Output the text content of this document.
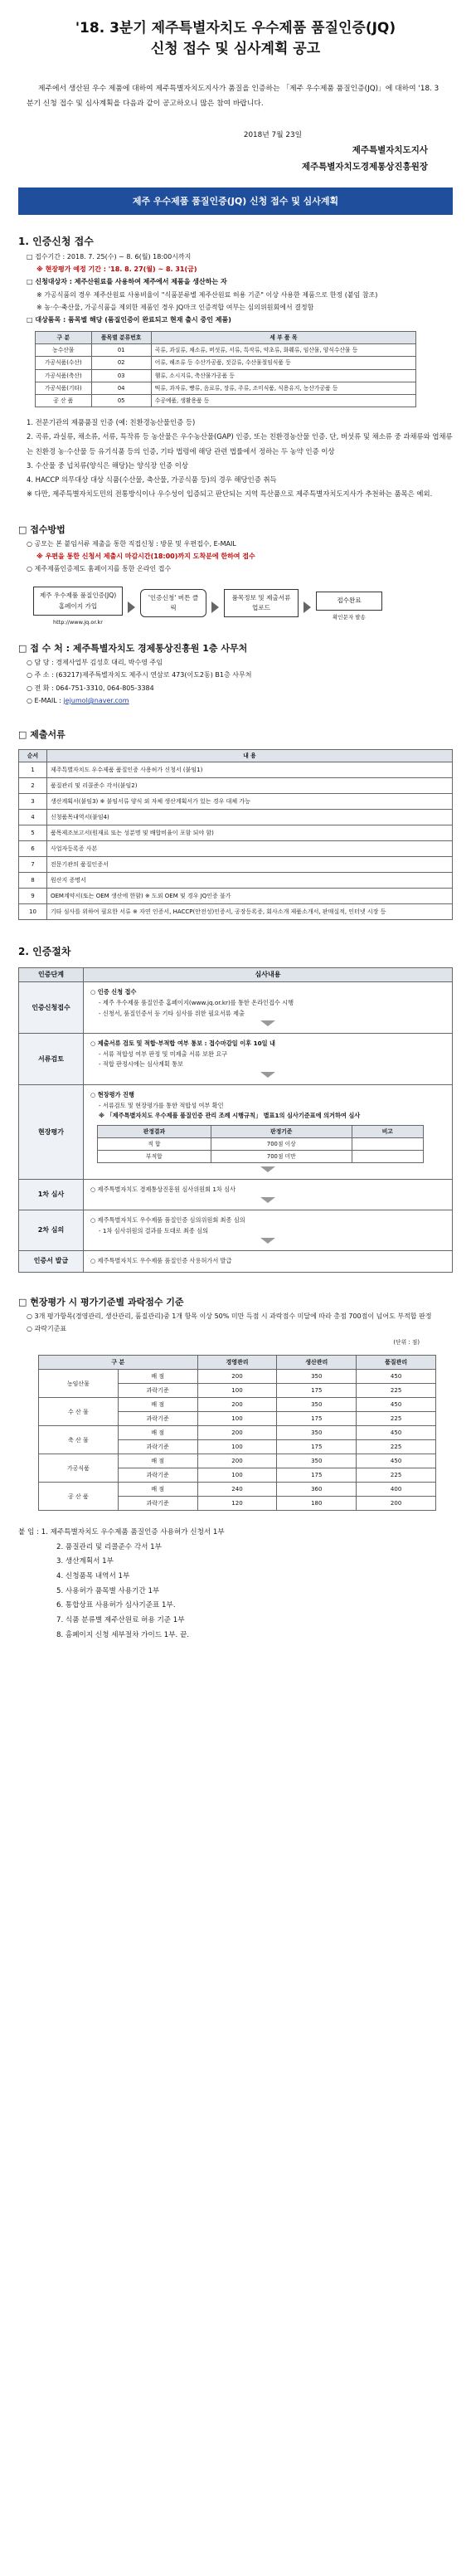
'18. 3분기 제주특별자치도 우수제품 품질인증(JQ)
신청 접수 및 심사계획 공고
제주에서 생산된 우수 제품에 대하여 제주특별자치도지사가 품질을 인증하는 「제주 우수제품 품질인증(JQ)」에 대하여 '18. 3분기 신청 접수 및 심사계획을 다음과 같이 공고하오니 많은 참여 바랍니다.
2018년 7월 23일
제주특별자치도지사
제주특별자치도경제통상진흥원장
제주 우수제품 품질인증(JQ) 신청 접수 및 심사계획
1. 인증신청 접수
□ 접수기간 : 2018. 7. 25(수) ~ 8. 6(월) 18:00시까지
※ 현장평가 예정 기간 : '18. 8. 27(월) ~ 8. 31(금)
□ 신청대상자 : 제주산원료를 사용하여 제주에서 제품을 생산하는 자
※ 가공식품의 경우 제주산원료 사용비율이 "식품분류별 제주산원료 허용 기준" 이상 사용한 제품으로 한정 (붙임 참조)
※ 농·수·축산물, 가공식품을 제외한 제품인 경우 JQ마크 인증적합 여부는 심의위원회에서 결정함
□ 대상품목 : 품목별 해당 (품질인증이 완료되고 현재 출시 중인 제품)
구 분	품목별 분류번호	세 부 품 목
농수산물	01	곡류, 과실류, 채소류, 버섯류, 서류, 특작류, 약초류, 화훼류, 임산물, 양식수산물 등
가공식품(수산)	02	어류, 해조류 등 수산가공품, 젓갈류, 수산물절임식품 등
가공식품(축산)	03	햄류, 소시지류, 축산물가공품 등
가공식품(기타)	04	떡류, 과자류, 빵류, 음료류, 장류, 주류, 조미식품, 식용유지, 농산가공품 등
공 산 품	05	수공예품, 생활용품 등
1. 전문기관의 제품품질 인증 (예: 친환경농산물인증 등)
2. 곡류, 과실류, 채소류, 서류, 특작류 등 농산물은 우수농산물(GAP) 인증, 또는 친환경농산물 인증. 단, 버섯류 및 채소류 중 과채류와 엽채류는 친환경 농·수산물 등 유기식품 등의 인증, 기타 법령에 해당 관련 법률에서 정하는 두 농약 인증 이상
3. 수산물 중 넙치류(양식은 해당)는 양식장 인증 이상
4. HACCP 의무대상 대상 식품(수산물, 축산물, 가공식품 등)의 경우 해당인증 취득
※ 다만, 제주특별자치도민의 전통방식이나 우수성이 입증되고 판단되는 지역 특산품으로 제주특별자치도지사가 추천하는 품목은 예외.
□ 접수방법
○ 공모는 본 붙임서류 제출을 통한 직접신청 : 방문 및 우편접수, E-MAIL
※ 우편을 통한 신청서 제출시 마감시간(18:00)까지 도착분에 한하여 접수
○ 제주제품인증제도 홈페이지를 통한 온라인 접수
제주 우수제품 품질인증(JQ) 홈페이지 가입
http://www.jq.or.kr
'인증신청' 버튼 클릭
품목정보 및 제출서류 업로드
접수완료
확인문자 발송
□ 접 수 처 : 제주특별자치도 경제통상진흥원 1층 사무처
○ 담 당 : 경제사업부 김성호 대리, 박수영 주임
○ 주 소 : (63217)제주특별자치도 제주시 연삼로 473(이도2동) B1층 사무처
○ 전 화 : 064-751-3310, 064-805-3384
○ E-MAIL : jejumol@naver.com
□ 제출서류
순서	내 용
1	제주특별자치도 우수제품 품질인증 사용허가 신청서 (붙임1)
2	품질관리 및 리콜준수 각서(붙임2)
3	생산계획서(붙임3) ※ 붙임서류 양식 외 자체 생산계획서가 있는 경우 대체 가능
4	신청품목내역서(붙임4)
5	품목제조보고서(원재료 또는 성분명 및 배합비율이 포함 되야 함)
6	사업자등록증 사본
7	전문기관의 품질인증서
8	원산지 증명서
9	OEM계약서(또는 OEM 생산에 한함) ※ 도외 OEM 및 경우 JQ인증 불가
10	기타 심사를 위하여 필요한 서류 ※ 자연 인증서, HACCP(안전성)인증서, 공장등록증, 회사소개 제품소개서, 판매실적, 인터넷 시장 등
2. 인증절차
인증단계	심사내용
인증신청접수	
○ 인증 신청 접수
- 제주 우수제품 품질인증 홈페이지(www.jq.or.kr)를 통한 온라인접수 시행
- 신청서, 품질인증서 등 기타 심사를 위한 필요서류 제출

서류검토	
○ 제출서류 검토 및 적합·부적합 여부 통보 : 접수마감일 이후 10일 내
- 서류 적합성 여부 판정 및 미제출 서류 보완 요구
- 적합 판정시에는 심사계획 통보

현장평가	
○ 현장평가 진행
- 서류검토 및 현장평가를 통한 적합성 여부 확인
※ 「제주특별자치도 우수제품 품질인증 관리 조례 시행규칙」 별표1의 심사기준표에 의거하여 심사
판정결과	판정기준	비고
적 합	700점 이상	
부적합	700점 미만	

1차 심사	
○ 제주특별자치도 경제통상진흥원 심사위원회 1차 심사

2차 심의	
○ 제주특별자치도 우수제품 품질인증 심의위원회 최종 심의
- 1차 심사위원의 결과를 토대로 최종 심의

인증서 발급	○ 제주특별자치도 우수제품 품질인증 사용허가서 발급
□ 현장평가 시 평가기준별 과락점수 기준
○ 3개 평가항목(경영관리, 생산관리, 품질관리)중 1개 항목 이상 50% 미만 득점 시 과락점수 미달에 따라 총점 700점이 넘어도 부적합 판정
○ 과락기준표
(단위 : 점)
구 분		경영관리	생산관리	품질관리
농임산물	배 점	200	350	450
	과락기준	100	175	225
수 산 물	배 점	200	350	450
	과락기준	100	175	225
축 산 물	배 점	200	350	450
	과락기준	100	175	225
가공식품	배 점	200	350	450
	과락기준	100	175	225
공 산 품	배 점	240	360	400
	과락기준	120	180	200
붙 임 : 1. 제주특별자치도 우수제품 품질인증 사용허가 신청서 1부
2. 품질관리 및 리콜준수 각서 1부
3. 생산계획서 1부
4. 신청품목 내역서 1부
5. 사용허가 품목별 사용기간 1부
6. 통합상표 사용허가 심사기준표 1부.
7. 식품 분류별 제주산원료 허용 기준 1부
8. 홈페이지 신청 세부절차 가이드 1부. 끝.
